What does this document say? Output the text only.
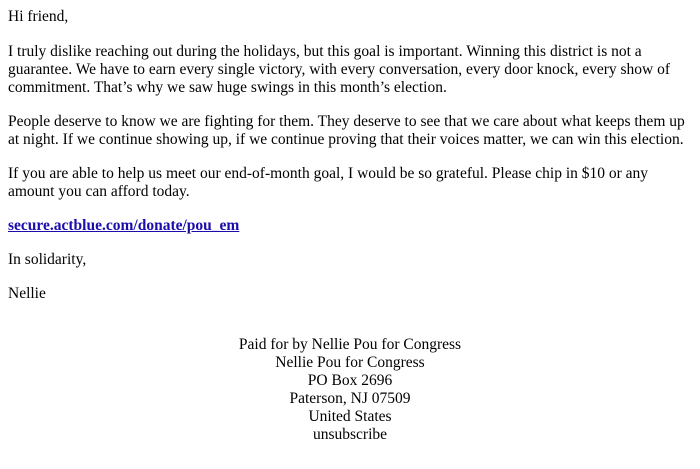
Hi friend,

I truly dislike reaching out during the holidays, but this goal is important. Winning this district is not a guarantee. We have to earn every single victory, with every conversation, every door knock, every show of commitment. That’s why we saw huge swings in this month’s election.

People deserve to know we are fighting for them. They deserve to see that we care about what keeps them up at night. If we continue showing up, if we continue proving that their voices matter, we can win this election.

If you are able to help us meet our end-of-month goal, I would be so grateful. Please chip in $10 or any amount you can afford today.

secure.actblue.com/donate/pou_em

In solidarity,

Nellie

Paid for by Nellie Pou for Congress
Nellie Pou for Congress
PO Box 2696
Paterson, NJ 07509
United States
unsubscribe
